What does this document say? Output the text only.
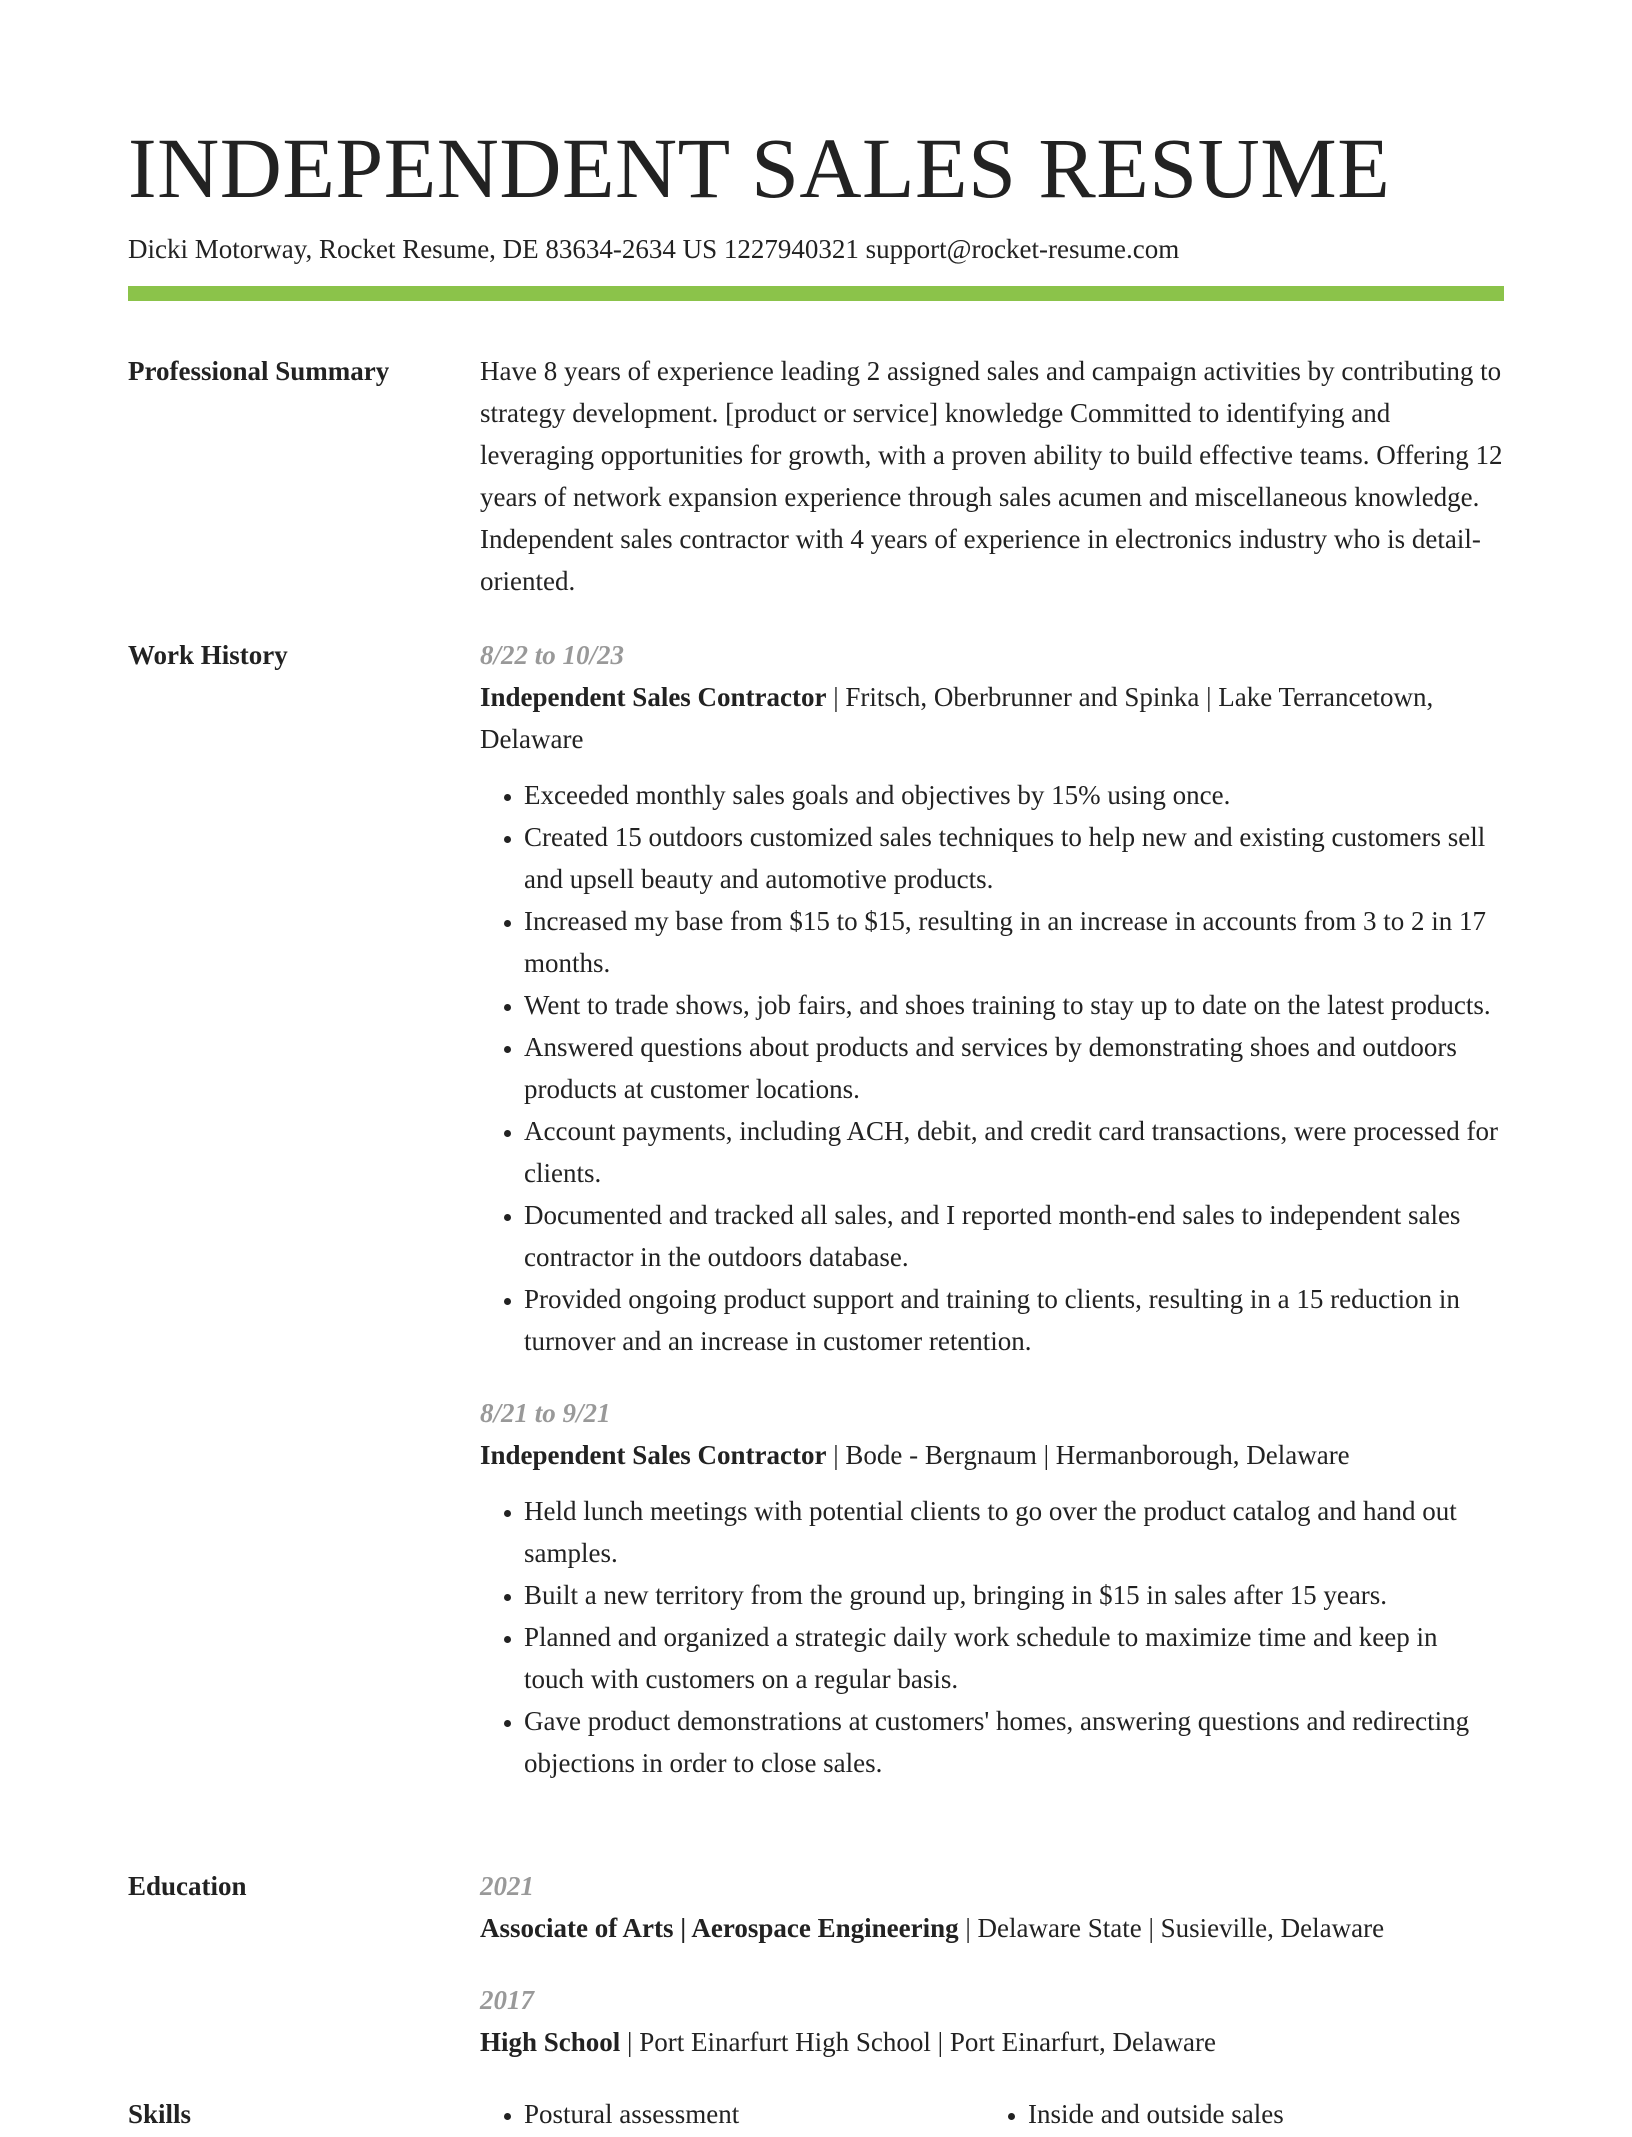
INDEPENDENT SALES RESUME
Dicki Motorway, Rocket Resume, DE 83634-2634 US 1227940321 support@rocket-resume.com
Professional Summary	Have 8 years of experience leading 2 assigned sales and campaign activities by contributing to strategy development. [product or service] knowledge Committed to identifying and leveraging opportunities for growth, with a proven ability to build effective teams. Offering 12 years of network expansion experience through sales acumen and miscellaneous knowledge. Independent sales contractor with 4 years of experience in electronics industry who is detail-oriented.

Work History	8/22 to 10/23
Independent Sales Contractor | Fritsch, Oberbrunner and Spinka | Lake Terrancetown, Delaware
• Exceeded monthly sales goals and objectives by 15% using once.
• Created 15 outdoors customized sales techniques to help new and existing customers sell and upsell beauty and automotive products.
• Increased my base from $15 to $15, resulting in an increase in accounts from 3 to 2 in 17 months.
• Went to trade shows, job fairs, and shoes training to stay up to date on the latest products.
• Answered questions about products and services by demonstrating shoes and outdoors products at customer locations.
• Account payments, including ACH, debit, and credit card transactions, were processed for clients.
• Documented and tracked all sales, and I reported month-end sales to independent sales contractor in the outdoors database.
• Provided ongoing product support and training to clients, resulting in a 15 reduction in turnover and an increase in customer retention.
8/21 to 9/21
Independent Sales Contractor | Bode - Bergnaum | Hermanborough, Delaware
• Held lunch meetings with potential clients to go over the product catalog and hand out samples.
• Built a new territory from the ground up, bringing in $15 in sales after 15 years.
• Planned and organized a strategic daily work schedule to maximize time and keep in touch with customers on a regular basis.
• Gave product demonstrations at customers' homes, answering questions and redirecting objections in order to close sales.
Education	2021
Associate of Arts | Aerospace Engineering | Delaware State | Susieville, Delaware
2017
High School | Port Einarfurt High School | Port Einarfurt, Delaware
Skills	• Postural assessment	• Inside and outside sales
